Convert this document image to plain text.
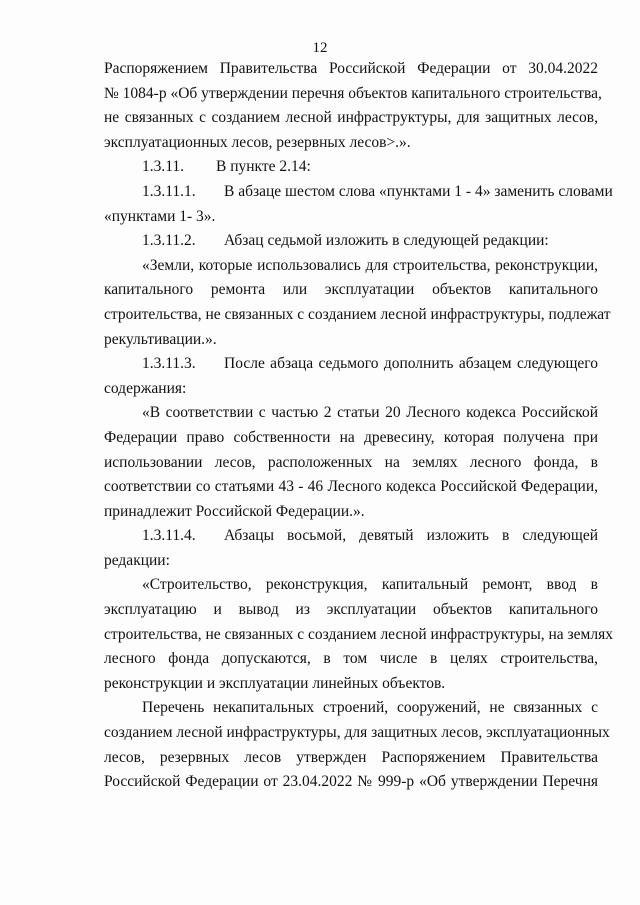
12
Распоряжением Правительства Российской Федерации от 30.04.2022
№ 1084-р «Об утверждении перечня объектов капитального строительства,
не связанных с созданием лесной инфраструктуры, для защитных лесов,
эксплуатационных лесов, резервных лесов>.».
1.3.11.	В пункте 2.14:
1.3.11.1.	В абзаце шестом слова «пунктами 1 - 4» заменить словами
«пунктами 1- 3».
1.3.11.2.	Абзац седьмой изложить в следующей редакции:
«Земли, которые использовались для строительства, реконструкции,
капитального ремонта или эксплуатации объектов капитального
строительства, не связанных с созданием лесной инфраструктуры, подлежат
рекультивации.».
1.3.11.3.	После абзаца седьмого дополнить абзацем следующего
содержания:
«В соответствии с частью 2 статьи 20 Лесного кодекса Российской
Федерации право собственности на древесину, которая получена при
использовании лесов, расположенных на землях лесного фонда, в
соответствии со статьями 43 - 46 Лесного кодекса Российской Федерации,
принадлежит Российской Федерации.».
1.3.11.4.	Абзацы восьмой, девятый изложить в следующей
редакции:
«Строительство, реконструкция, капитальный ремонт, ввод в
эксплуатацию и вывод из эксплуатации объектов капитального
строительства, не связанных с созданием лесной инфраструктуры, на землях
лесного фонда допускаются, в том числе в целях строительства,
реконструкции и эксплуатации линейных объектов.
Перечень некапитальных строений, сооружений, не связанных с
созданием лесной инфраструктуры, для защитных лесов, эксплуатационных
лесов, резервных лесов утвержден Распоряжением Правительства
Российской Федерации от 23.04.2022 № 999-р «Об утверждении Перечня
